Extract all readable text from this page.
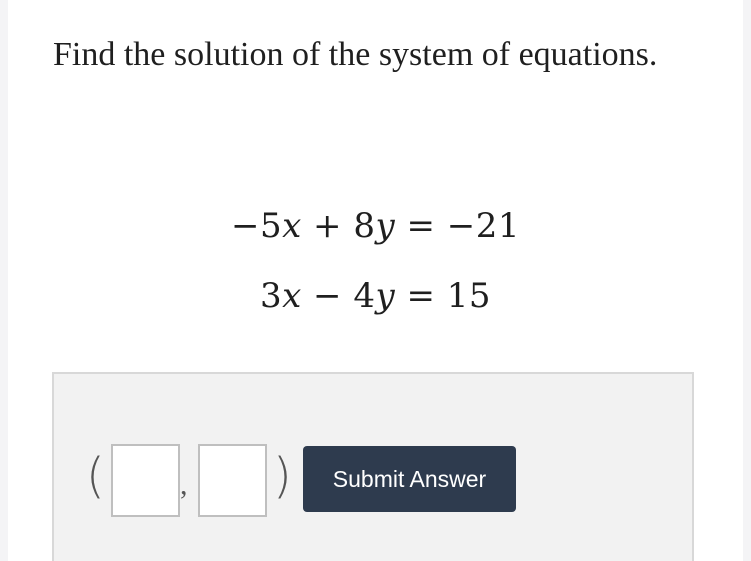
Find the solution of the system of equations.
−5𝑥 + 8𝑦 = −21
3𝑥 − 4𝑦 = 15
(	, )	Submit Answer
